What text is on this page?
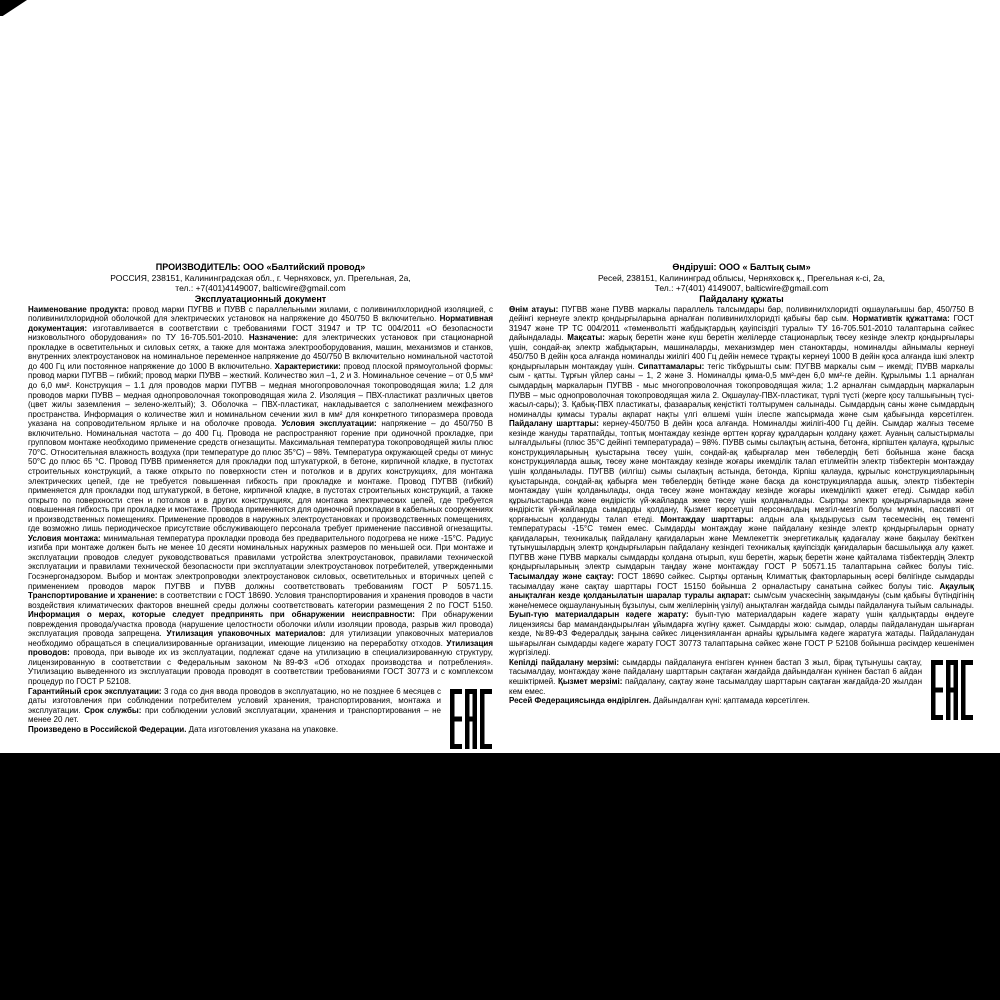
ПРОИЗВОДИТЕЛЬ: ООО «Балтийский провод»
РОССИЯ, 238151, Калининградская обл., г. Черняховск, ул. Прегельная, 2а,
тел.: +7(401)4149007, balticwire@gmail.com
Эксплуатационный документ

Наименование продукта: провод марки ПУГВВ и ПУВВ с параллельными жилами, с поливинилхлоридной изоляцией, с поливинилхлоридной оболочкой для электрических установок на напряжение до 450/750 В включительно. Нормативная документация: изготавливается в соответствии с требованиями ГОСТ 31947 и ТР ТС 004/2011 «О безопасности низковольтного оборудования» по ТУ 16-705.501-2010. Назначение: для электрических установок при стационарной прокладке в осветительных и силовых сетях, а также для монтажа электрооборудования, машин, механизмов и станков, внутренних электроустановок на номинальное переменное напряжение до 450/750 В включительно номинальной частотой до 400 Гц или постоянное напряжение до 1000 В включительно. Характеристики: провод плоской прямоугольной формы: провод марки ПУГВВ – гибкий; провод марки ПУВВ – жесткий. Количество жил –1, 2 и 3. Номинальное сечение – от 0,5 мм² до 6,0 мм². Конструкция – 1.1 для проводов марки ПУГВВ – медная многопроволочная токопроводящая жила; 1.2 для проводов марки ПУВВ – медная однопроволочная токопроводящая жила 2. Изоляция – ПВХ-пластикат различных цветов (цвет жилы заземления – зелено-желтый); 3. Оболочка – ПВХ-пластикат, накладывается с заполнением межфазного пространства. Информация о количестве жил и номинальном сечении жил в мм² для конкретного типоразмера провода указана на сопроводительном ярлыке и на оболочке провода. Условия эксплуатации: напряжение – до 450/750 В включительно. Номинальная частота – до 400 Гц. Провода не распространяют горение при одиночной прокладке, при групповом монтаже необходимо применение средств огнезащиты. Максимальная температура токопроводящей жилы плюс 70°С. Относительная влажность воздуха (при температуре до плюс 35°С) – 98%. Температура окружающей среды от минус 50°С до плюс 65 °С. Провод ПУВВ применяется для прокладки под штукатуркой, в бетоне, кирпичной кладке, в пустотах строительных конструкций, а также открыто по поверхности стен и потолков и в других конструкциях, для монтажа электрических цепей, где не требуется повышенная гибкость при прокладке и монтаже. Провод ПУГВВ (гибкий) применяется для прокладки под штукатуркой, в бетоне, кирпичной кладке, в пустотах строительных конструкций, а также открыто по поверхности стен и потолков и в других конструкциях, для монтажа электрических цепей, где требуется повышенная гибкость при прокладке и монтаже. Провода применяются для одиночной прокладки в кабельных сооружениях и производственных помещениях. Применение проводов в наружных электроустановках и производственных помещениях, где возможно лишь периодическое присутствие обслуживающего персонала требует применение пассивной огнезащиты. Условия монтажа: минимальная температура прокладки провода без предварительного подогрева не ниже -15°С. Радиус изгиба при монтаже должен быть не менее 10 десяти номинальных наружных размеров по меньшей оси. При монтаже и эксплуатации проводов следует руководствоваться правилами устройства электроустановок, правилами технической эксплуатации и правилами технической безопасности при эксплуатации электроустановок потребителей, утвержденными Госэнергонадзором. Выбор и монтаж электропроводки электроустановок силовых, осветительных и вторичных цепей с применением проводов марок ПУГВВ и ПУВВ должны соответствовать требованиям ГОСТ Р 50571.15. Транспортирование и хранение: в соответствии с ГОСТ 18690. Условия транспортирования и хранения проводов в части воздействия климатических факторов внешней среды должны соответствовать категории размещения 2 по ГОСТ 5150. Информация о мерах, которые следует предпринять при обнаружении неисправности: При обнаружении повреждения провода/участка провода (нарушение целостности оболочки и/или изоляции провода, разрыв жил провода) эксплуатация провода запрещена. Утилизация упаковочных материалов: для утилизации упаковочных материалов необходимо обращаться в специализированные организации, имеющие лицензию на переработку отходов. Утилизация проводов: провода, при выводе их из эксплуатации, подлежат сдаче на утилизацию в специализированную структуру, лицензированную в соответствии с Федеральным законом №89-ФЗ «Об отходах производства и потребления». Утилизацию выведенного из эксплуатации провода проводят в соответствии требованиями ГОСТ 30773 и с комплексом процедур по ГОСТ Р 52108.

Гарантийный срок эксплуатации: 3 года со дня ввода проводов в эксплуатацию, но не позднее 6 месяцев с даты изготовления при соблюдении потребителем условий хранения, транспортирования, монтажа и эксплуатации. Срок службы: при соблюдении условий эксплуатации, хранения и транспортирования – не менее 20 лет.

Произведено в Российской Федерации. Дата изготовления указана на упаковке.

Өндіруші: ООО « Балтық сым»
Ресей, 238151, Калининград облысы, Черняховск қ., Прегельная к-сі, 2а,
Тел.: +7(401) 4149007, balticwire@gmail.com
Пайдалану құжаты

Өнім атауы: ПУГВВ және ПУВВ маркалы параллель талсымдары бар, поливинилхлоридті оқшаулағышы бар, 450/750 В дейінгі кернеуге электр қондырғыларына арналған поливинилхлоридті қабығы бар сым. Нормативтік құжаттама: ГОСТ 31947 және ТР ТС 004/2011 «төменвольтті жабдықтардың қауіпсіздігі туралы» ТУ 16-705.501-2010 талаптарына сәйкес дайындалады. Мақсаты: жарық беретін және күш беретін желілерде стационарлық төсеу кезінде электр қондырғылары үшін, сондай-ақ электр жабдықтарын, машиналарды, механизмдер мен станоктарды, номиналды айнымалы кернеуі 450/750 В дейін қоса алғанда номиналды жиілігі 400 Гц дейін немесе тұрақты кернеуі 1000 В дейін қоса алғанда ішкі электр қондырғыларын монтаждау үшін. Сипаттамалары: тегіс тікбұрышты сым: ПУГВВ маркалы сым – икемді; ПУВВ маркалы сым - қатты. Тұрғын үйлер саны – 1, 2 және 3. Номиналды қима-0,5 мм²-ден 6,0 мм²-ге дейін. Құрылымы 1.1 арналған сымдардың маркаларын ПУГВВ - мыс многопроволочная токопроводящая жила; 1.2 арналған сымдардың маркаларын ПУВВ – мыс однопроволочная токопроводящая жила 2. Оқшаулау-ПВХ-пластикат, түрлі түсті (жерге қосу талшығының түсі-жасыл-сары); 3. Қабық-ПВХ пластикаты, фазааралық кеңістікті толтырумен салынады. Сымдардың саны және сымдардың номиналды қимасы туралы ақпарат нақты үлгі өлшемі үшін ілеспе жапсырмада және сым қабығында көрсетілген. Пайдалану шарттары: кернеу-450/750 В дейін қоса алғанда. Номиналды жиілігі-400 Гц дейін. Сымдар жалғыз төсеме кезінде жануды таратпайды, топтық монтаждау кезінде өрттен қорғау құралдарын қолдану қажет. Ауаның салыстырмалы ылғалдылығы (плюс 35°С дейінгі температурада) – 98%. ПУВВ сымы сылақтың астына, бетонға, кірпіштен қалауға, құрылыс конструкцияларының қуыстарына төсеу үшін, сондай-ақ қабырғалар мен төбелердің беті бойынша және басқа конструкцияларда ашық, төсеу және монтаждау кезінде жоғары икемділік талап етілмейтін электр тізбектерін монтаждау үшін қолданылады. ПУГВВ (иілгіш) сымы сылақтың астында, бетонда, Кірпіш қалауда, құрылыс конструкцияларының қуыстарында, сондай-ақ қабырға мен төбелердің бетінде және басқа да конструкцияларда ашық, электр тізбектерін монтаждау үшін қолданылады, онда төсеу және монтаждау кезінде жоғары икемділікті қажет етеді. Сымдар кәбіл құрылыстарында және өндірістік үй-жайларда жеке төсеу үшін қолданылады. Сыртқы электр қондырғыларында және өндірістік үй-жайларда сымдарды қолдану, Қызмет көрсетуші персоналдың мезгіл-мезгіл болуы мүмкін, пассивті от қорғанысын қолдануды талап етеді. Монтаждау шарттары: алдын ала қыздырусыз сым төсемесінің ең төменгі температурасы -15°С төмен емес. Сымдарды монтаждау және пайдалану кезінде электр қондырғыларын орнату қағидаларын, техникалық пайдалану қағидаларын және Мемлекеттік энергетикалық қадағалау және бақылау бекіткен тұтынушылардың электр қондырғыларын пайдалану кезіндегі техникалық қауіпсіздік қағидаларын басшылыққа алу қажет. ПУГВВ және ПУВВ маркалы сымдарды қолдана отырып, күш беретін, жарық беретін және қайталама тізбектердің Электр қондырғыларының электр сымдарын таңдау және монтаждау ГОСТ Р 50571.15 талаптарына сәйкес болуы тиіс. Тасымалдау және сақтау: ГОСТ 18690 сәйкес. Сыртқы ортаның Климаттық факторларының әсері бөлігінде сымдарды тасымалдау және сақтау шарттары ГОСТ 15150 бойынша 2 орналастыру санатына сәйкес болуы тиіс. Ақаулық анықталған кезде қолданылатын шаралар туралы ақпарат: сым/сым учаскесінің зақымдануы (сым қабығы бүтіндігінің және/немесе оқшаулануының бұзылуы, сым желілерінің үзілуі) анықталған жағдайда сымды пайдалануға тыйым салынады. Буып-түю материалдарын кәдеге жарату: буып-түю материалдарын кәдеге жарату үшін қалдықтарды өңдеуге лицензиясы бар мамандандырылған ұйымдарға жүгіну қажет. Сымдарды жою: сымдар, оларды пайдаланудан шығарған кезде, №89-ФЗ Федералдық заңына сәйкес лицензияланған арнайы құрылымға кәдеге жаратуға жатады. Пайдаланудан шығарылған сымдарды кәдеге жарату ГОСТ 30773 талаптарына сәйкес және ГОСТ Р 52108 бойынша рәсімдер кешенімен жүргізіледі.

Кепілді пайдалану мерзімі: сымдарды пайдалануға енгізген күннен бастап 3 жыл, бірақ тұтынушы сақтау, тасымалдау, монтаждау және пайдалану шарттарын сақтаған жағдайда дайындалған күнінен бастап 6 айдан кешіктірмей. Қызмет мерзімі: пайдалану, сақтау және тасымалдау шарттарын сақтаған жағдайда-20 жылдан кем емес.

Ресей Федерациясында өндірілген. Дайындалған күні: қаптамада көрсетілген.
